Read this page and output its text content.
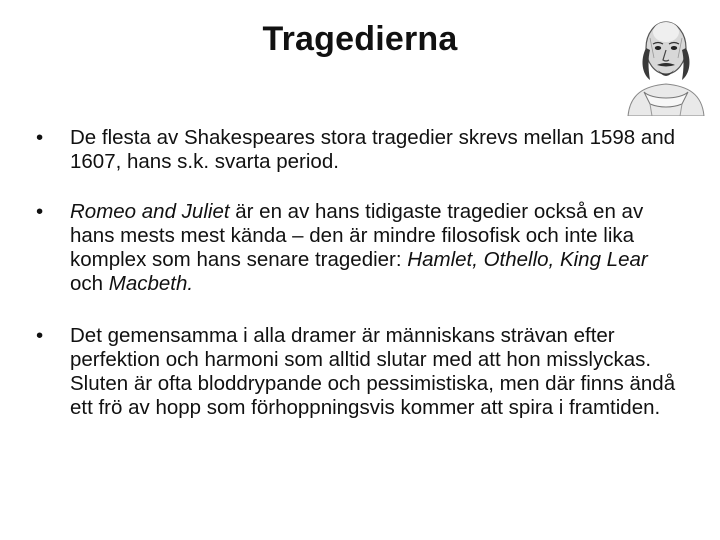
Tragedierna
• De flesta av Shakespeares stora tragedier skrevs mellan 1598 and 1607, hans s.k. svarta period.
• Romeo and Juliet är en av hans tidigaste tragedier också en av hans mests mest kända – den är mindre filosofisk och inte lika komplex som hans senare tragedier: Hamlet, Othello, King Lear och Macbeth.
• Det gemensamma i alla dramer är människans strävan efter perfektion och harmoni som alltid slutar med att hon misslyckas. Sluten är ofta bloddrypande och pessimistiska, men där finns ändå ett frö av hopp som förhoppningsvis kommer att spira i framtiden.
